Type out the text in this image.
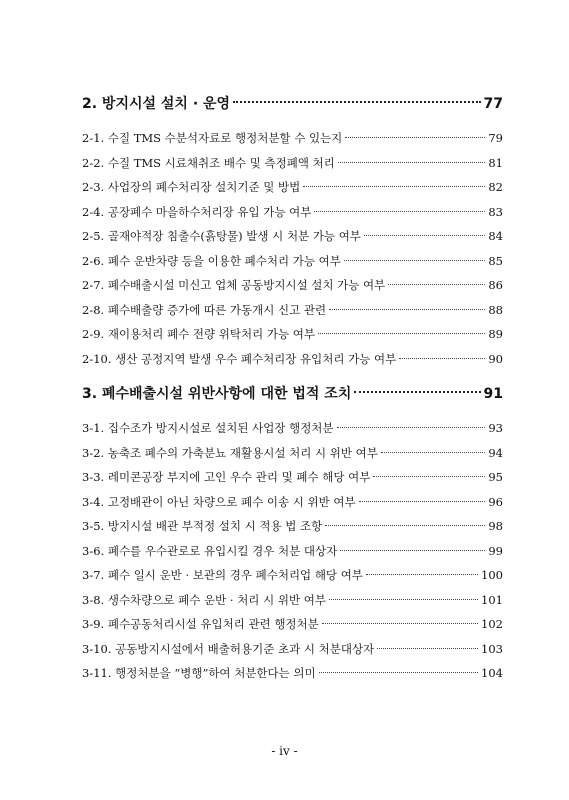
2. 방지시설 설치 · 운영	77
2-1. 수질 TMS 수분석자료로 행정처분할 수 있는지	79
2-2. 수질 TMS 시료채취조 배수 및 측정폐액 처리	81
2-3. 사업장의 폐수처리장 설치기준 및 방법	82
2-4. 공장폐수 마을하수처리장 유입 가능 여부	83
2-5. 골재야적장 침출수(흙탕물) 발생 시 처분 가능 여부	84
2-6. 폐수 운반차량 등을 이용한 폐수처리 가능 여부	85
2-7. 폐수배출시설 미신고 업체 공동방지시설 설치 가능 여부	86
2-8. 폐수배출량 증가에 따른 가동개시 신고 관련	88
2-9. 재이용처리 폐수 전량 위탁처리 가능 여부	89
2-10. 생산 공정지역 발생 우수 폐수처리장 유입처리 가능 여부	90
3. 폐수배출시설 위반사항에 대한 법적 조치	91
3-1. 집수조가 방지시설로 설치된 사업장 행정처분	93
3-2. 농축조 폐수의 가축분뇨 재활용시설 처리 시 위반 여부	94
3-3. 레미콘공장 부지에 고인 우수 관리 및 폐수 해당 여부	95
3-4. 고정배관이 아닌 차량으로 폐수 이송 시 위반 여부	96
3-5. 방지시설 배관 부적정 설치 시 적용 법 조항	98
3-6. 폐수를 우수관로로 유입시킬 경우 처분 대상자	99
3-7. 폐수 일시 운반 · 보관의 경우 폐수처리업 해당 여부	100
3-8. 생수차량으로 폐수 운반 · 처리 시 위반 여부	101
3-9. 폐수공동처리시설 유입처리 관련 행정처분	102
3-10. 공동방지시설에서 배출허용기준 초과 시 처분대상자	103
3-11. 행정처분을 “병행”하여 처분한다는 의미	104
- iv -
